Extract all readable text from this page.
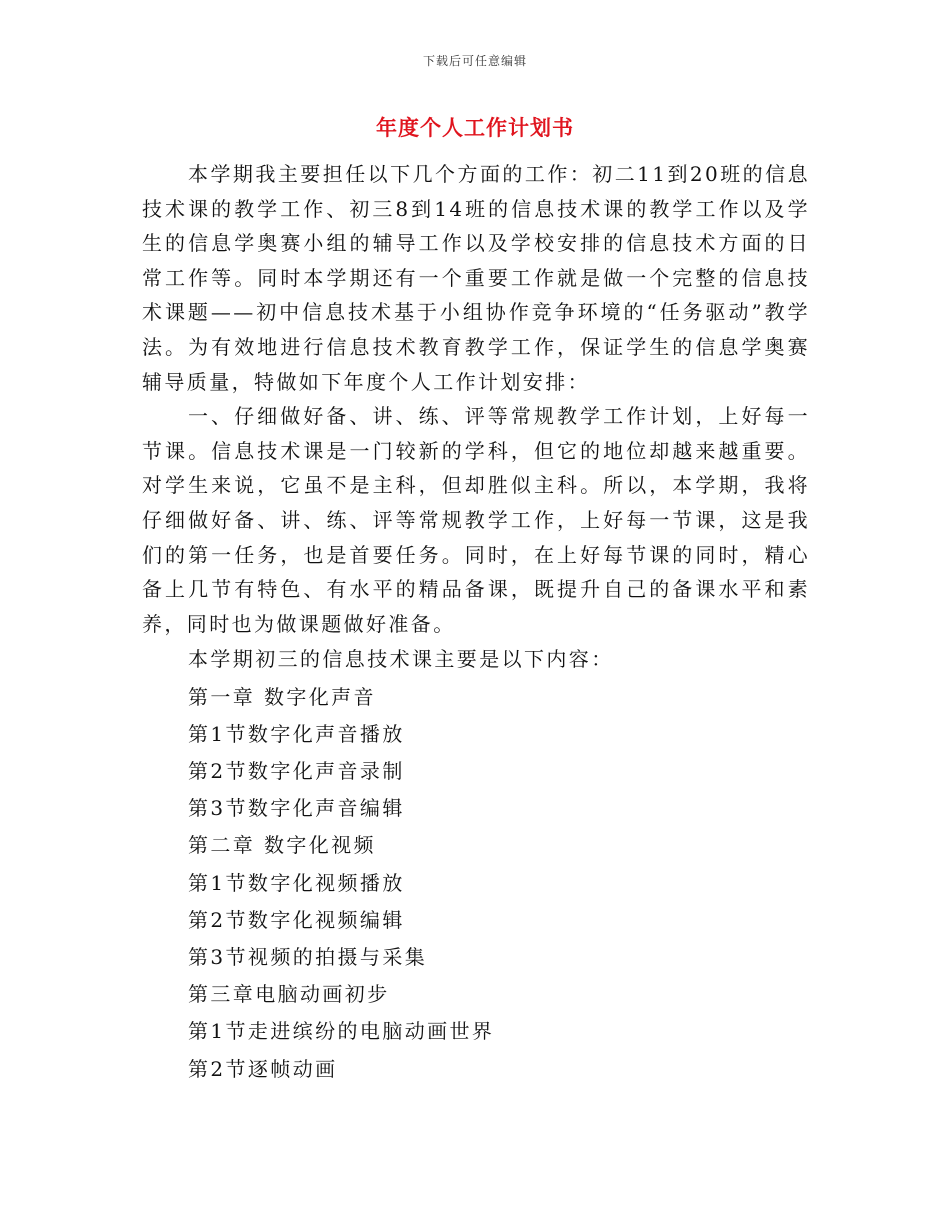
下载后可任意编辑
年度个人工作计划书

本学期我主要担任以下几个方面的工作：初二11到20班的信息技术课的教学工作、初三8到14班的信息技术课的教学工作以及学生的信息学奥赛小组的辅导工作以及学校安排的信息技术方面的日常工作等。同时本学期还有一个重要工作就是做一个完整的信息技术课题——初中信息技术基于小组协作竞争环境的“任务驱动”教学法。为有效地进行信息技术教育教学工作，保证学生的信息学奥赛辅导质量，特做如下年度个人工作计划安排：

一、仔细做好备、讲、练、评等常规教学工作计划，上好每一节课。信息技术课是一门较新的学科，但它的地位却越来越重要。对学生来说，它虽不是主科，但却胜似主科。所以，本学期，我将仔细做好备、讲、练、评等常规教学工作，上好每一节课，这是我们的第一任务，也是首要任务。同时，在上好每节课的同时，精心备上几节有特色、有水平的精品备课，既提升自己的备课水平和素养，同时也为做课题做好准备。

本学期初三的信息技术课主要是以下内容：
第一章 数字化声音
第1节数字化声音播放
第2节数字化声音录制
第3节数字化声音编辑
第二章 数字化视频
第1节数字化视频播放
第2节数字化视频编辑
第3节视频的拍摄与采集
第三章电脑动画初步
第1节走进缤纷的电脑动画世界
第2节逐帧动画
